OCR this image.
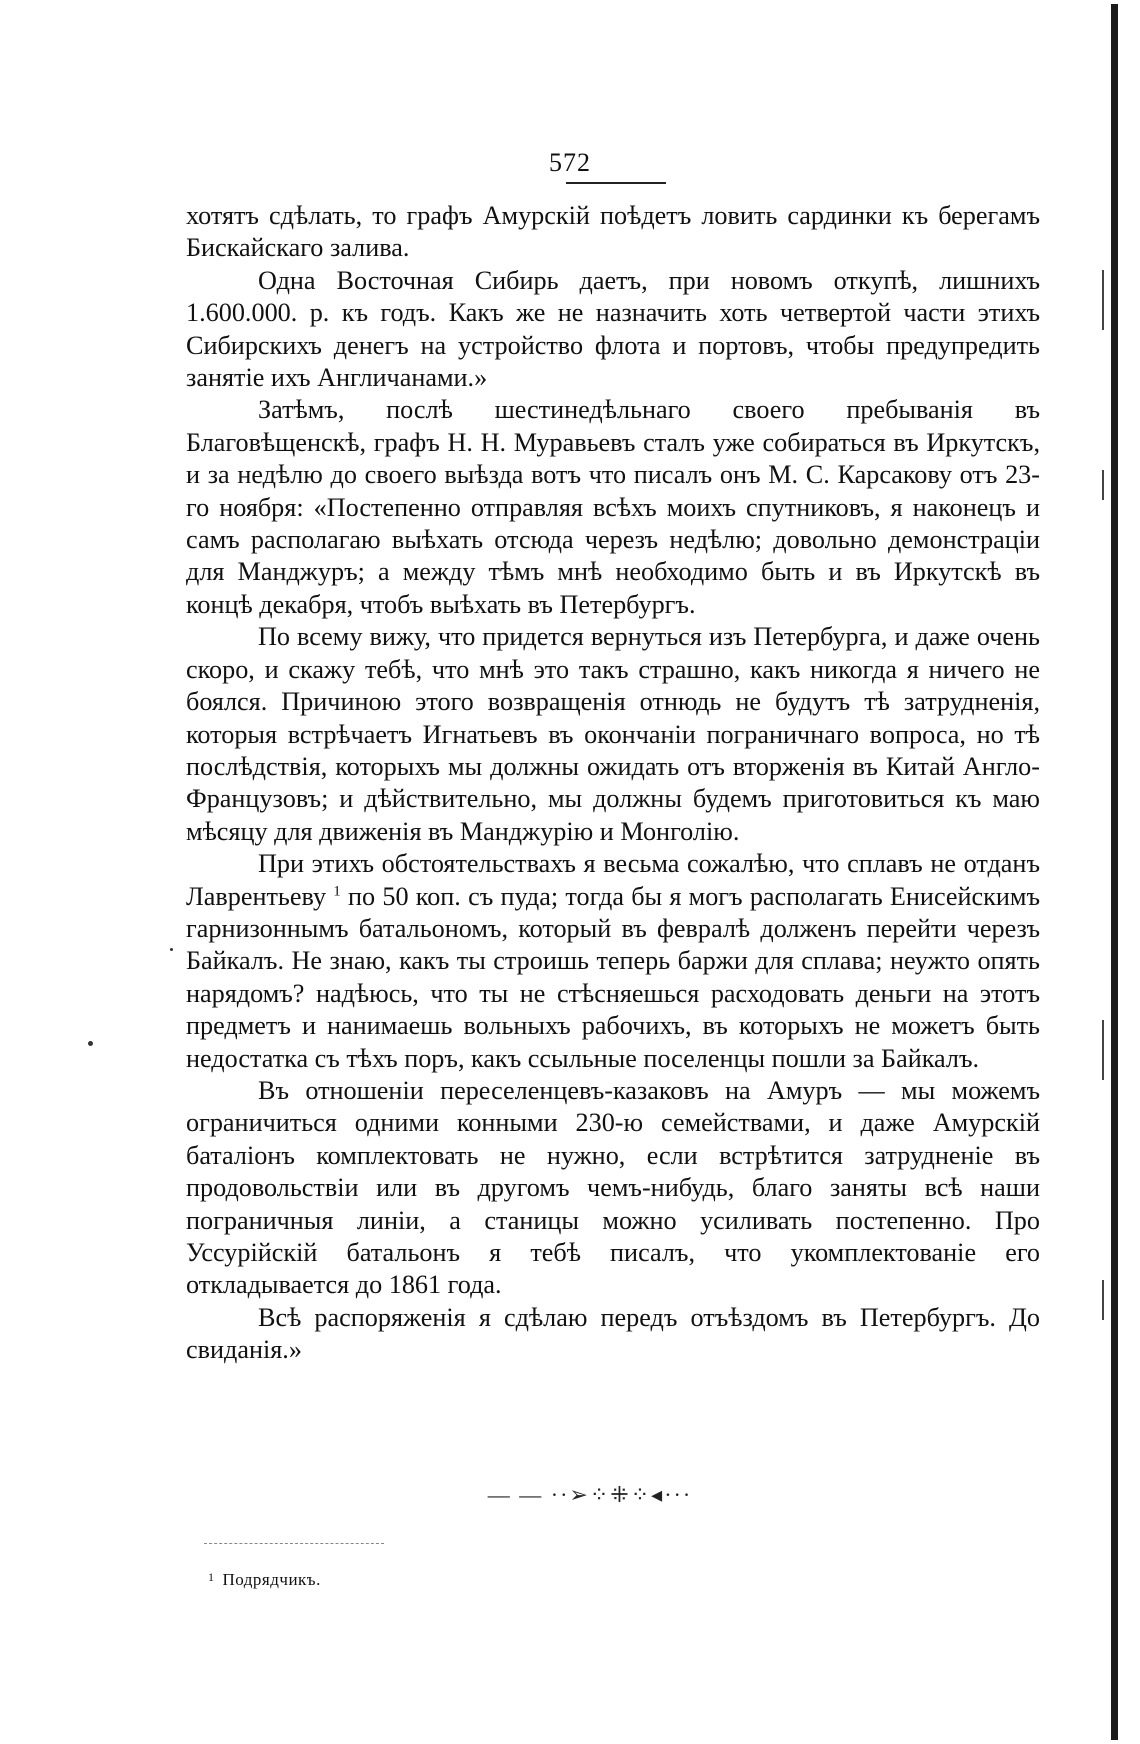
572

хотятъ сдѣлать, то графъ Амурскій поѣдетъ ловить сардинки къ берегамъ Бискайскаго залива.

Одна Восточная Сибирь даетъ, при новомъ откупѣ, лишнихъ 1.600.000. р. къ годъ. Какъ же не назначить хоть четвертой части этихъ Сибирскихъ денегъ на устройство флота и портовъ, чтобы предупредить занятіе ихъ Англичанами.»

Затѣмъ, послѣ шестинедѣльнаго своего пребыванія въ Благовѣщенскѣ, графъ Н. Н. Муравьевъ сталъ уже собираться въ Иркутскъ, и за недѣлю до своего выѣзда вотъ что писалъ онъ М. С. Карсакову отъ 23-го ноября: «Постепенно отправляя всѣхъ моихъ спутниковъ, я наконецъ и самъ располагаю выѣхать отсюда черезъ недѣлю; довольно демонстраціи для Манджуръ; а между тѣмъ мнѣ необходимо быть и въ Иркутскѣ въ концѣ декабря, чтобъ выѣхать въ Петербургъ.

По всему вижу, что придется вернуться изъ Петербурга, и даже очень скоро, и скажу тебѣ, что мнѣ это такъ страшно, какъ никогда я ничего не боялся. Причиною этого возвращенія отнюдь не будутъ тѣ затрудненія, которыя встрѣчаетъ Игнатьевъ въ окончаніи пограничнаго вопроса, но тѣ послѣдствія, которыхъ мы должны ожидать отъ вторженія въ Китай Англо-Французовъ; и дѣйствительно, мы должны будемъ приготовиться къ маю мѣсяцу для движенія въ Манджурію и Монголію.

При этихъ обстоятельствахъ я весьма сожалѣю, что сплавъ не отданъ Лаврентьеву $^1$ по 50 коп. съ пуда; тогда бы я могъ располагать Енисейскимъ гарнизоннымъ батальономъ, который въ февралѣ долженъ перейти черезъ Байкалъ. Не знаю, какъ ты строишь теперь баржи для сплава; неужто опять нарядомъ? надѣюсь, что ты не стѣсняешься расходовать деньги на этотъ предметъ и нанимаешь вольныхъ рабочихъ, въ которыхъ не можетъ быть недостатка съ тѣхъ поръ, какъ ссыльные поселенцы пошли за Байкалъ.

Въ отношеніи переселенцевъ-казаковъ на Амуръ — мы можемъ ограничиться одними конными 230-ю семействами, и даже Амурскій баталіонъ комплектовать не нужно, если встрѣтится затрудненіе въ продовольствіи или въ другомъ чемъ-нибудь, благо заняты всѣ наши пограничныя линіи, а станицы можно усиливать постепенно. Про Уссурійскій батальонъ я тебѣ писалъ, что укомплектованіе его откладывается до 1861 года.

Всѣ распоряженія я сдѣлаю передъ отъѣздомъ въ Петербургъ. До свиданія.»

— — ··➢⁘⁜⁘◂···
$^1$ Подрядчикъ.
